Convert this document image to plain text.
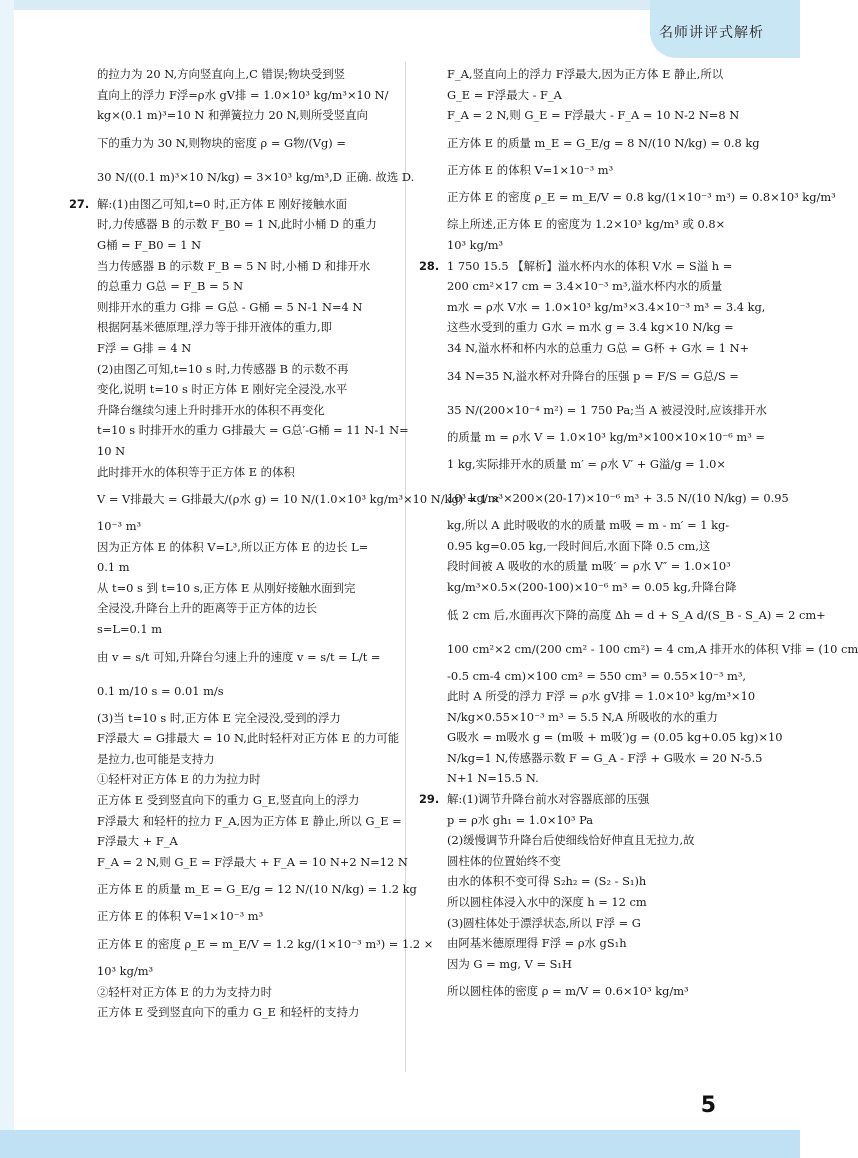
名师讲评式解析
的拉力为 20 N,方向竖直向上,C 错误;物块受到竖
直向上的浮力 F浮=ρ水 gV排 = 1.0×10³ kg/m³×10 N/
kg×(0.1 m)³=10 N 和弹簧拉力 20 N,则所受竖直向
下的重力为 30 N,则物块的密度 ρ = G物/(Vg) =
30 N/((0.1 m)³×10 N/kg) = 3×10³ kg/m³,D 正确. 故选 D.
27. 解:(1)由图乙可知,t=0 时,正方体 E 刚好接触水面
时,力传感器 B 的示数 F_B0 = 1 N,此时小桶 D 的重力
G桶 = F_B0 = 1 N
当力传感器 B 的示数 F_B = 5 N 时,小桶 D 和排开水
的总重力 G总 = F_B = 5 N
则排开水的重力 G排 = G总 - G桶 = 5 N-1 N=4 N
根据阿基米德原理,浮力等于排开液体的重力,即
F浮 = G排 = 4 N
(2)由图乙可知,t=10 s 时,力传感器 B 的示数不再
变化,说明 t=10 s 时正方体 E 刚好完全浸没,水平
升降台继续匀速上升时排开水的体积不再变化
t=10 s 时排开水的重力 G排最大 = G总′-G桶 = 11 N-1 N=
10 N
此时排开水的体积等于正方体 E 的体积
V = V排最大 = G排最大/(ρ水 g) = 10 N/(1.0×10³ kg/m³×10 N/kg) = 1 ×
10⁻³ m³
因为正方体 E 的体积 V=L³,所以正方体 E 的边长 L=
0.1 m
从 t=0 s 到 t=10 s,正方体 E 从刚好接触水面到完
全浸没,升降台上升的距离等于正方体的边长
s=L=0.1 m
由 v = s/t 可知,升降台匀速上升的速度 v = s/t = L/t =
0.1 m/10 s = 0.01 m/s
(3)当 t=10 s 时,正方体 E 完全浸没,受到的浮力
F浮最大 = G排最大 = 10 N,此时轻杆对正方体 E 的力可能
是拉力,也可能是支持力
①轻杆对正方体 E 的力为拉力时
正方体 E 受到竖直向下的重力 G_E,竖直向上的浮力
F浮最大 和轻杆的拉力 F_A,因为正方体 E 静止,所以 G_E =
F浮最大 + F_A
F_A = 2 N,则 G_E = F浮最大 + F_A = 10 N+2 N=12 N
正方体 E 的质量 m_E = G_E/g = 12 N/(10 N/kg) = 1.2 kg
正方体 E 的体积 V=1×10⁻³ m³
正方体 E 的密度 ρ_E = m_E/V = 1.2 kg/(1×10⁻³ m³) = 1.2 ×
10³ kg/m³
②轻杆对正方体 E 的力为支持力时
正方体 E 受到竖直向下的重力 G_E 和轻杆的支持力
F_A,竖直向上的浮力 F浮最大,因为正方体 E 静止,所以
G_E = F浮最大 - F_A
F_A = 2 N,则 G_E = F浮最大 - F_A = 10 N-2 N=8 N
正方体 E 的质量 m_E = G_E/g = 8 N/(10 N/kg) = 0.8 kg
正方体 E 的体积 V=1×10⁻³ m³
正方体 E 的密度 ρ_E = m_E/V = 0.8 kg/(1×10⁻³ m³) = 0.8×10³ kg/m³
综上所述,正方体 E 的密度为 1.2×10³ kg/m³ 或 0.8×
10³ kg/m³
28. 1 750 15.5 【解析】溢水杯内水的体积 V水 = S溢 h =
200 cm²×17 cm = 3.4×10⁻³ m³,溢水杯内水的质量
m水 = ρ水 V水 = 1.0×10³ kg/m³×3.4×10⁻³ m³ = 3.4 kg,
这些水受到的重力 G水 = m水 g = 3.4 kg×10 N/kg =
34 N,溢水杯和杯内水的总重力 G总 = G杯 + G水 = 1 N+
34 N=35 N,溢水杯对升降台的压强 p = F/S = G总/S =
35 N/(200×10⁻⁴ m²) = 1 750 Pa;当 A 被浸没时,应该排开水
的质量 m = ρ水 V = 1.0×10³ kg/m³×100×10×10⁻⁶ m³ =
1 kg,实际排开水的质量 m′ = ρ水 V′ + G溢/g = 1.0×
10³ kg/m³×200×(20-17)×10⁻⁶ m³ + 3.5 N/(10 N/kg) = 0.95
kg,所以 A 此时吸收的水的质量 m吸 = m - m′ = 1 kg-
0.95 kg=0.05 kg,一段时间后,水面下降 0.5 cm,这
段时间被 A 吸收的水的质量 m吸′ = ρ水 V″ = 1.0×10³
kg/m³×0.5×(200-100)×10⁻⁶ m³ = 0.05 kg,升降台降
低 2 cm 后,水面再次下降的高度 Δh = d + S_A d/(S_B - S_A) = 2 cm+
100 cm²×2 cm/(200 cm² - 100 cm²) = 4 cm,A 排开水的体积 V排 = (10 cm
-0.5 cm-4 cm)×100 cm² = 550 cm³ = 0.55×10⁻³ m³,
此时 A 所受的浮力 F浮 = ρ水 gV排 = 1.0×10³ kg/m³×10
N/kg×0.55×10⁻³ m³ = 5.5 N,A 所吸收的水的重力
G吸水 = m吸水 g = (m吸 + m吸′)g = (0.05 kg+0.05 kg)×10
N/kg=1 N,传感器示数 F = G_A - F浮 + G吸水 = 20 N-5.5
N+1 N=15.5 N.
29. 解:(1)调节升降台前水对容器底部的压强
p = ρ水 gh₁ = 1.0×10³ Pa
(2)缓慢调节升降台后使细线恰好伸直且无拉力,故
圆柱体的位置始终不变
由水的体积不变可得 S₂h₂ = (S₂ - S₁)h
所以圆柱体浸入水中的深度 h = 12 cm
(3)圆柱体处于漂浮状态,所以 F浮 = G
由阿基米德原理得 F浮 = ρ水 gS₁h
因为 G = mg, V = S₁H
所以圆柱体的密度 ρ = m/V = 0.6×10³ kg/m³
5
